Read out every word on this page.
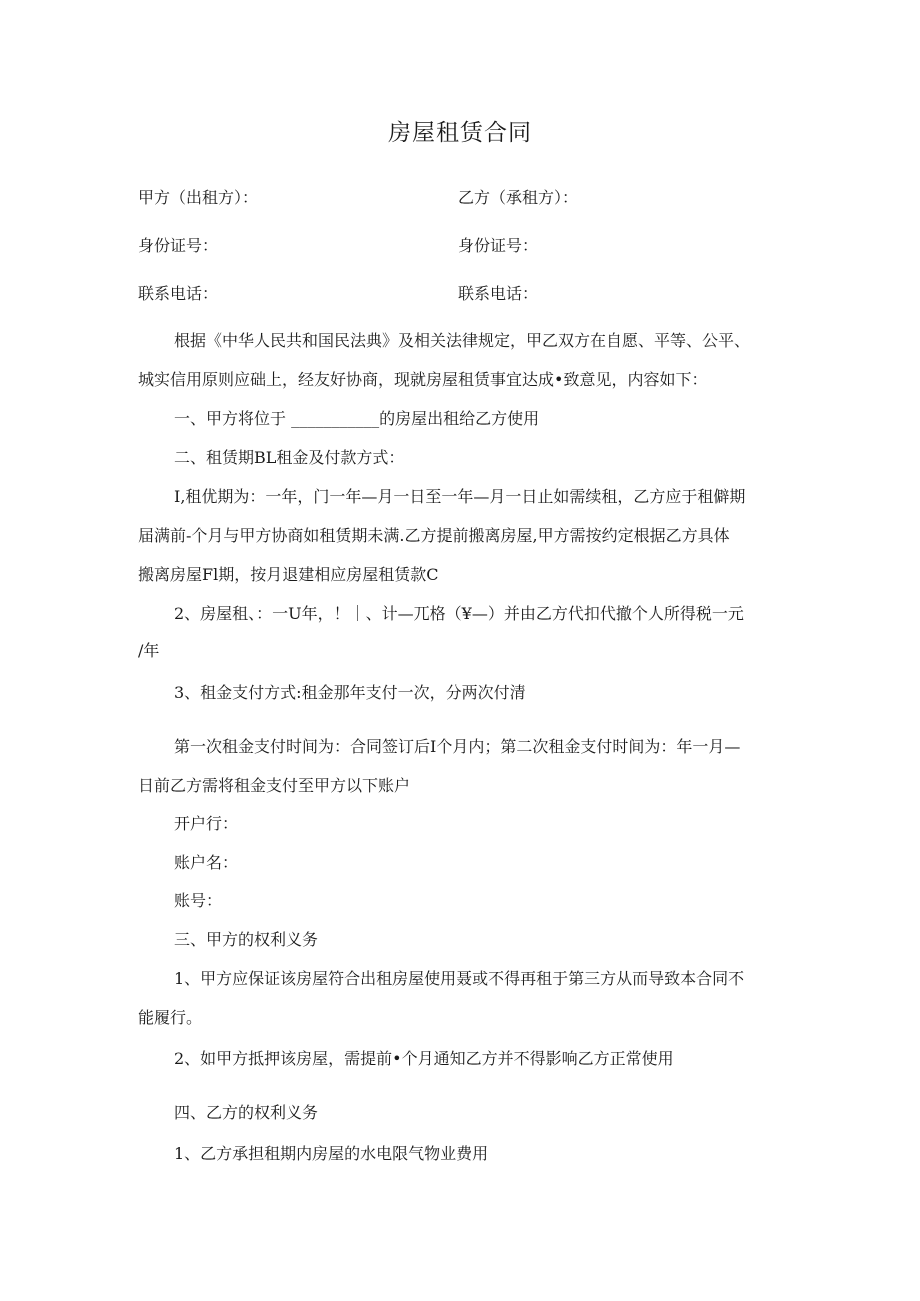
房屋租赁合同
甲方（出租方）：	乙方（承租方）：
身份证号：	身份证号：
联系电话：	联系电话：
根据《中华人民共和国民法典》及相关法律规定，甲乙双方在自愿、平等、公平、
城实信用原则应础上，经友好协商，现就房屋租赁事宜达成•致意见，内容如下：
一、甲方将位于 ___________的房屋出租给乙方使用
二、租赁期BL租金及付款方式：
I,租优期为：一年，门一年—月一日至一年—月一日止如需续租，乙方应于租僻期
届满前-个月与甲方协商如租赁期未满.乙方提前搬离房屋,甲方需按约定根据乙方具体
搬离房屋Fl期，按月退建相应房屋租赁款C
2、房屋租、：一U年，！｜、计—兀格（¥—）并由乙方代扣代撤个人所得税一元
/年
3、租金支付方式:租金那年支付一次，分两次付清
第一次租金支付时间为：合同签订后I个月内；第二次租金支付时间为：年一月—
日前乙方需将租金支付至甲方以下账户
开户行：
账户名：
账号：
三、甲方的权利义务
1、甲方应保证该房屋符合出租房屋使用聂或不得再租于第三方从而导致本合同不
能履行。
2、如甲方抵押该房屋，需提前•个月通知乙方并不得影响乙方正常使用
四、乙方的权利义务
1、乙方承担租期内房屋的水电限气物业费用
